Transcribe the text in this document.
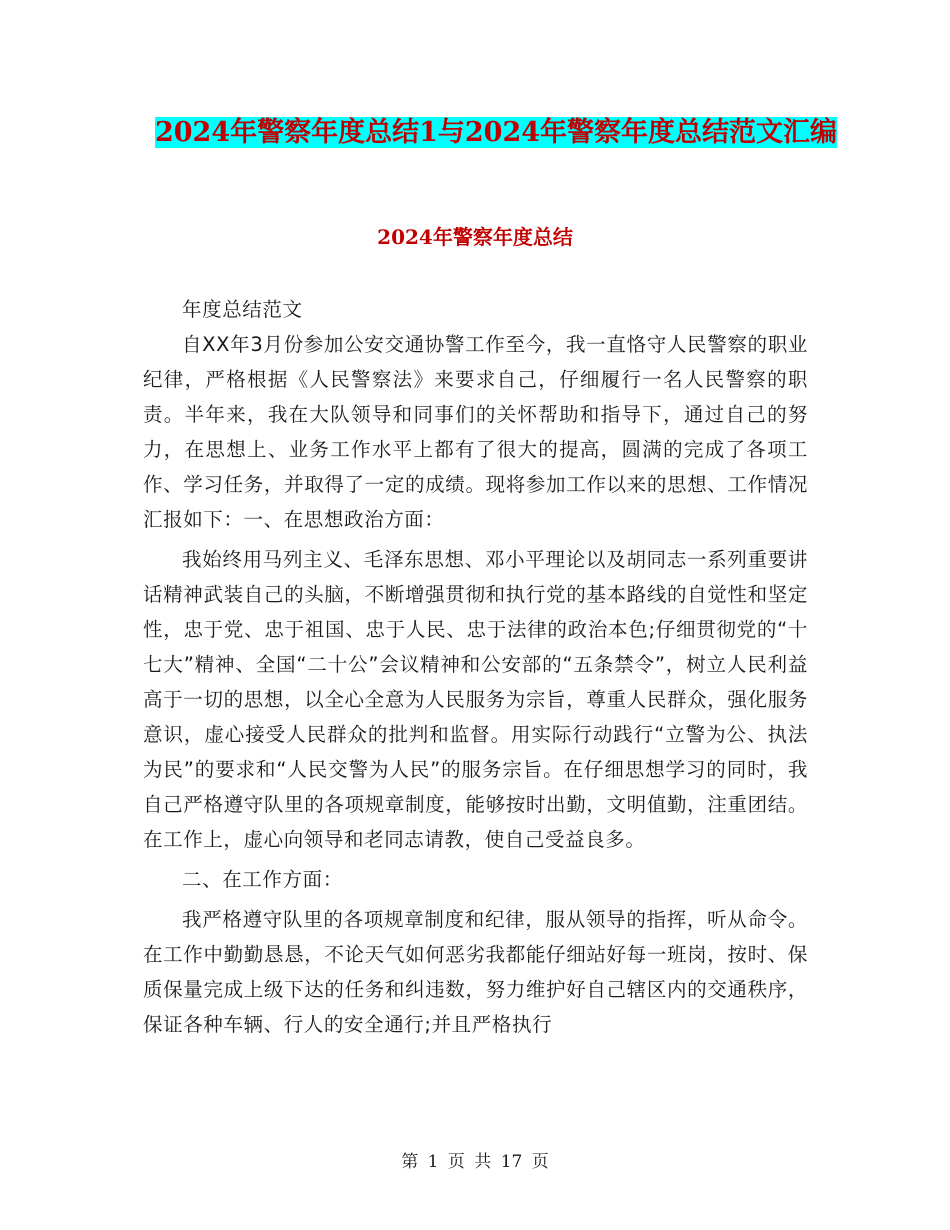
2024年警察年度总结1与2024年警察年度总结范文汇编
2024年警察年度总结

年度总结范文

自XX年3月份参加公安交通协警工作至今，我一直恪守人民警察的职业纪律，严格根据《人民警察法》来要求自己，仔细履行一名人民警察的职责。半年来，我在大队领导和同事们的关怀帮助和指导下，通过自己的努力，在思想上、业务工作水平上都有了很大的提高，圆满的完成了各项工作、学习任务，并取得了一定的成绩。现将参加工作以来的思想、工作情况汇报如下：一、在思想政治方面：

我始终用马列主义、毛泽东思想、邓小平理论以及胡同志一系列重要讲话精神武装自己的头脑，不断增强贯彻和执行党的基本路线的自觉性和坚定性，忠于党、忠于祖国、忠于人民、忠于法律的政治本色;仔细贯彻党的“十七大”精神、全国“二十公”会议精神和公安部的“五条禁令”，树立人民利益高于一切的思想，以全心全意为人民服务为宗旨，尊重人民群众，强化服务意识，虚心接受人民群众的批判和监督。用实际行动践行“立警为公、执法为民”的要求和“人民交警为人民”的服务宗旨。在仔细思想学习的同时，我自己严格遵守队里的各项规章制度，能够按时出勤，文明值勤，注重团结。在工作上，虚心向领导和老同志请教，使自己受益良多。

二、在工作方面：

我严格遵守队里的各项规章制度和纪律，服从领导的指挥，听从命令。在工作中勤勤恳恳，不论天气如何恶劣我都能仔细站好每一班岗，按时、保质保量完成上级下达的任务和纠违数，努力维护好自己辖区内的交通秩序，保证各种车辆、行人的安全通行;并且严格执行

第 1 页 共 17 页
